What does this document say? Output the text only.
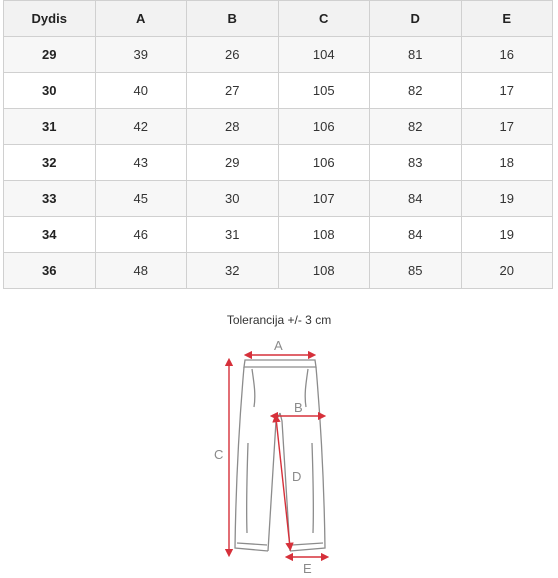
Dydis	A	B	C	D	E
29	39	26	104	81	16
30	40	27	105	82	17
31	42	28	106	82	17
32	43	29	106	83	18
33	45	30	107	84	19
34	46	31	108	84	19
36	48	32	108	85	20
Tolerancija +/- 3 cm
A
B
C
D
E
